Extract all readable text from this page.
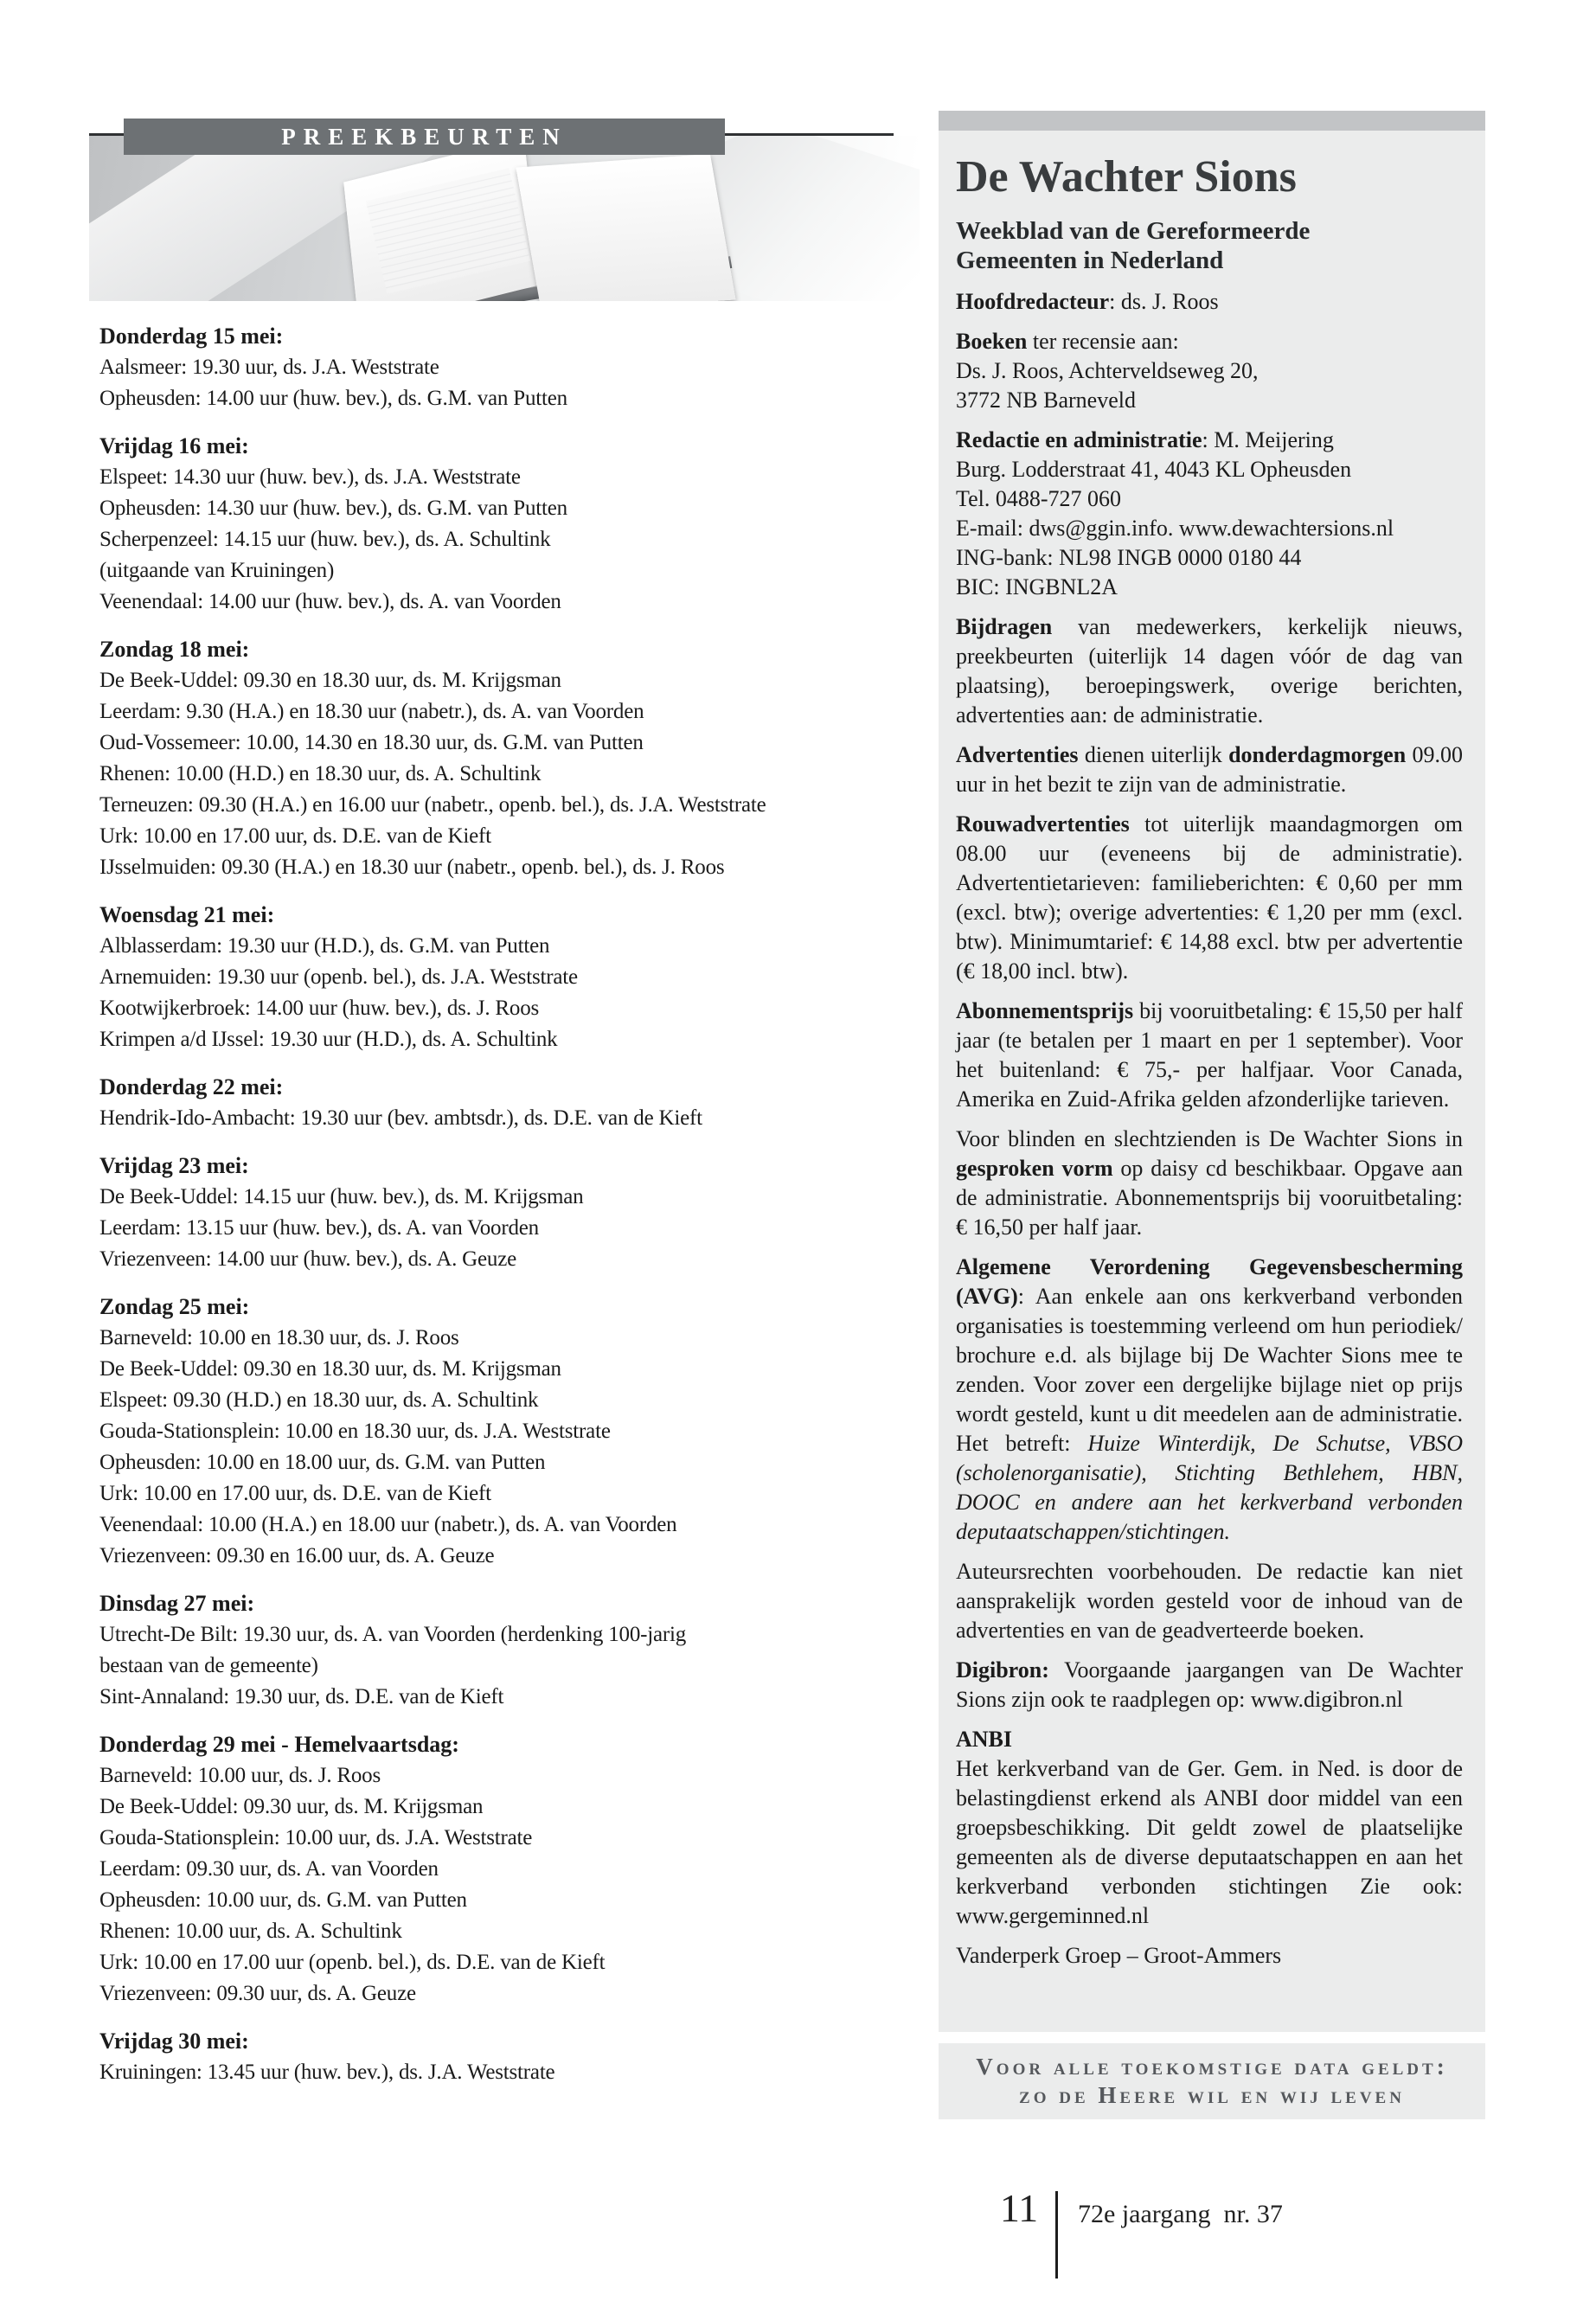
PREEKBEURTEN
Donderdag 15 mei:
Aalsmeer: 19.30 uur, ds. J.A. Weststrate
Opheusden: 14.00 uur (huw. bev.), ds. G.M. van Putten
Vrijdag 16 mei:
Elspeet: 14.30 uur (huw. bev.), ds. J.A. Weststrate
Opheusden: 14.30 uur (huw. bev.), ds. G.M. van Putten
Scherpenzeel: 14.15 uur (huw. bev.), ds. A. Schultink
(uitgaande van Kruiningen)
Veenendaal: 14.00 uur (huw. bev.), ds. A. van Voorden
Zondag 18 mei:
De Beek-Uddel: 09.30 en 18.30 uur, ds. M. Krijgsman
Leerdam: 9.30 (H.A.) en 18.30 uur (nabetr.), ds. A. van Voorden
Oud-Vossemeer: 10.00, 14.30 en 18.30 uur, ds. G.M. van Putten
Rhenen: 10.00 (H.D.) en 18.30 uur, ds. A. Schultink
Terneuzen: 09.30 (H.A.) en 16.00 uur (nabetr., openb. bel.), ds. J.A. Weststrate
Urk: 10.00 en 17.00 uur, ds. D.E. van de Kieft
IJsselmuiden: 09.30 (H.A.) en 18.30 uur (nabetr., openb. bel.), ds. J. Roos
Woensdag 21 mei:
Alblasserdam: 19.30 uur (H.D.), ds. G.M. van Putten
Arnemuiden: 19.30 uur (openb. bel.), ds. J.A. Weststrate
Kootwijkerbroek: 14.00 uur (huw. bev.), ds. J. Roos
Krimpen a/d IJssel: 19.30 uur (H.D.), ds. A. Schultink
Donderdag 22 mei:
Hendrik-Ido-Ambacht: 19.30 uur (bev. ambtsdr.), ds. D.E. van de Kieft
Vrijdag 23 mei:
De Beek-Uddel: 14.15 uur (huw. bev.), ds. M. Krijgsman
Leerdam: 13.15 uur (huw. bev.), ds. A. van Voorden
Vriezenveen: 14.00 uur (huw. bev.), ds. A. Geuze
Zondag 25 mei:
Barneveld: 10.00 en 18.30 uur, ds. J. Roos
De Beek-Uddel: 09.30 en 18.30 uur, ds. M. Krijgsman
Elspeet: 09.30 (H.D.) en 18.30 uur, ds. A. Schultink
Gouda-Stationsplein: 10.00 en 18.30 uur, ds. J.A. Weststrate
Opheusden: 10.00 en 18.00 uur, ds. G.M. van Putten
Urk: 10.00 en 17.00 uur, ds. D.E. van de Kieft
Veenendaal: 10.00 (H.A.) en 18.00 uur (nabetr.), ds. A. van Voorden
Vriezenveen: 09.30 en 16.00 uur, ds. A. Geuze
Dinsdag 27 mei:
Utrecht-De Bilt: 19.30 uur, ds. A. van Voorden (herdenking 100-jarig
bestaan van de gemeente)
Sint-Annaland: 19.30 uur, ds. D.E. van de Kieft
Donderdag 29 mei - Hemelvaartsdag:
Barneveld: 10.00 uur, ds. J. Roos
De Beek-Uddel: 09.30 uur, ds. M. Krijgsman
Gouda-Stationsplein: 10.00 uur, ds. J.A. Weststrate
Leerdam: 09.30 uur, ds. A. van Voorden
Opheusden: 10.00 uur, ds. G.M. van Putten
Rhenen: 10.00 uur, ds. A. Schultink
Urk: 10.00 en 17.00 uur (openb. bel.), ds. D.E. van de Kieft
Vriezenveen: 09.30 uur, ds. A. Geuze
Vrijdag 30 mei:
Kruiningen: 13.45 uur (huw. bev.), ds. J.A. Weststrate
De Wachter Sions
Weekblad van de Gereformeerde Gemeenten in Nederland

Hoofdredacteur: ds. J. Roos

Boeken ter recensie aan:
Ds. J. Roos, Achterveldseweg 20,
3772 NB Barneveld

Redactie en administratie: M. Meijering
Burg. Lodderstraat 41, 4043 KL Opheusden
Tel. 0488-727 060
E-mail: dws@ggin.info. www.dewachtersions.nl
ING-bank: NL98 INGB 0000 0180 44
BIC: INGBNL2A

Bijdragen van medewerkers, kerkelijk nieuws, preekbeurten (uiterlijk 14 dagen vóór de dag van plaatsing), beroepingswerk, overige berichten, advertenties aan: de administratie.

Advertenties dienen uiterlijk donderdagmorgen 09.00 uur in het bezit te zijn van de administratie.

Rouwadvertenties tot uiterlijk maandagmorgen om 08.00 uur (eveneens bij de administratie). Advertentietarieven: familieberichten: € 0,60 per mm (excl. btw); overige advertenties: € 1,20 per mm (excl. btw). Minimumtarief: € 14,88 excl. btw per advertentie (€ 18,00 incl. btw).

Abonnementsprijs bij vooruitbetaling: € 15,50 per half jaar (te betalen per 1 maart en per 1 september). Voor het buitenland: € 75,- per halfjaar. Voor Canada, Amerika en Zuid-Afrika gelden afzonderlijke tarieven.

Voor blinden en slechtzienden is De Wachter Sions in gesproken vorm op daisy cd beschikbaar. Opgave aan de administratie. Abonnementsprijs bij vooruitbetaling: € 16,50 per half jaar.

Algemene Verordening Gegevensbescherming (AVG): Aan enkele aan ons kerkverband verbonden organisaties is toestemming verleend om hun periodiek/ brochure e.d. als bijlage bij De Wachter Sions mee te zenden. Voor zover een dergelijke bijlage niet op prijs wordt gesteld, kunt u dit meedelen aan de administratie. Het betreft: Huize Winterdijk, De Schutse, VBSO (scholenorganisatie), Stichting Bethlehem, HBN, DOOC en andere aan het kerkverband verbonden deputaatschappen/stichtingen.

Auteursrechten voorbehouden. De redactie kan niet aansprakelijk worden gesteld voor de inhoud van de advertenties en van de geadverteerde boeken.

Digibron: Voorgaande jaargangen van De Wachter Sions zijn ook te raadplegen op: www.digibron.nl

ANBI
Het kerkverband van de Ger. Gem. in Ned. is door de belastingdienst erkend als ANBI door middel van een groepsbeschikking. Dit geldt zowel de plaatselijke gemeenten als de diverse deputaatschappen en aan het kerkverband verbonden stichtingen Zie ook: www.gergeminned.nl

Vanderperk Groep – Groot-Ammers

Voor alle toekomstige data geldt:
zo de Heere wil en wij leven
11	72e jaargang  nr. 37
